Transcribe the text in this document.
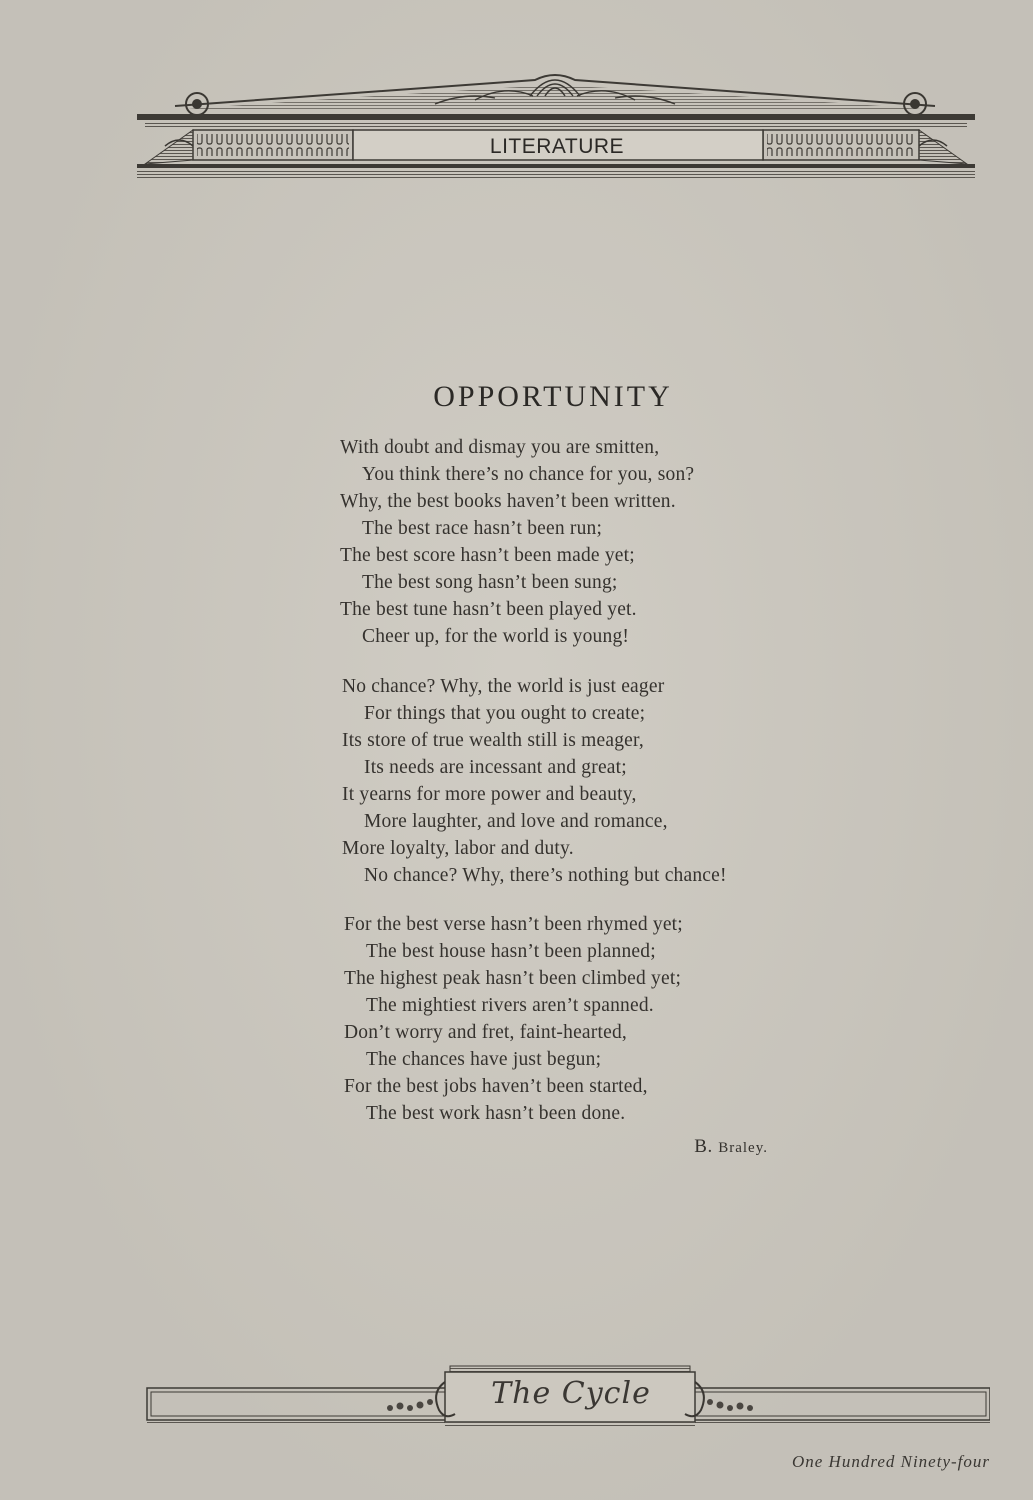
LITERATURE
OPPORTUNITY
With doubt and dismay you are smitten,
You think there’s no chance for you, son?
Why, the best books haven’t been written.
The best race hasn’t been run;
The best score hasn’t been made yet;
The best song hasn’t been sung;
The best tune hasn’t been played yet.
Cheer up, for the world is young!
No chance? Why, the world is just eager
For things that you ought to create;
Its store of true wealth still is meager,
Its needs are incessant and great;
It yearns for more power and beauty,
More laughter, and love and romance,
More loyalty, labor and duty.
No chance? Why, there’s nothing but chance!
For the best verse hasn’t been rhymed yet;
The best house hasn’t been planned;
The highest peak hasn’t been climbed yet;
The mightiest rivers aren’t spanned.
Don’t worry and fret, faint-hearted,
The chances have just begun;
For the best jobs haven’t been started,
The best work hasn’t been done.
B. Braley.
The Cycle
One Hundred Ninety-four
